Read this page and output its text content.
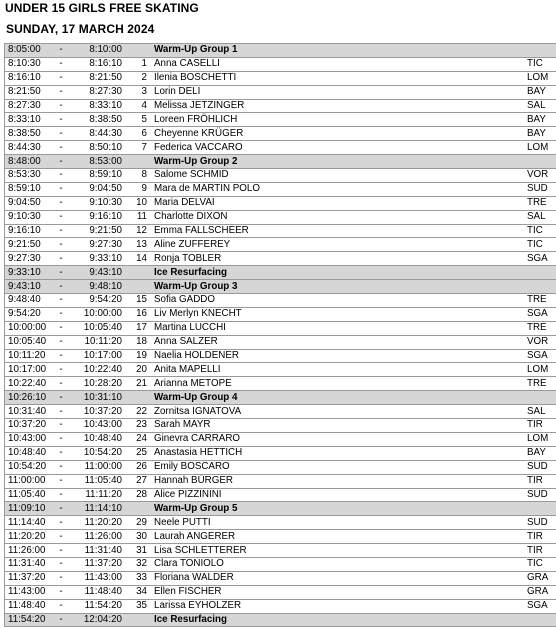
UNDER 15 GIRLS FREE SKATING
SUNDAY, 17 MARCH 2024
8:05:00	-	8:10:00		Warm-Up Group 1	
8:10:30	-	8:16:10	1	Anna CASELLI	TIC
8:16:10	-	8:21:50	2	Ilenia BOSCHETTI	LOM
8:21:50	-	8:27:30	3	Lorin DELI	BAY
8:27:30	-	8:33:10	4	Melissa JETZINGER	SAL
8:33:10	-	8:38:50	5	Loreen FRÖHLICH	BAY
8:38:50	-	8:44:30	6	Cheyenne KRÜGER	BAY
8:44:30	-	8:50:10	7	Federica VACCARO	LOM
8:48:00	-	8:53:00		Warm-Up Group 2	
8:53:30	-	8:59:10	8	Salome SCHMID	VOR
8:59:10	-	9:04:50	9	Mara de MARTIN POLO	SUD
9:04:50	-	9:10:30	10	Maria DELVAI	TRE
9:10:30	-	9:16:10	11	Charlotte DIXON	SAL
9:16:10	-	9:21:50	12	Emma FALLSCHEER	TIC
9:21:50	-	9:27:30	13	Aline ZUFFEREY	TIC
9:27:30	-	9:33:10	14	Ronja TOBLER	SGA
9:33:10	-	9:43:10		Ice Resurfacing	
9:43:10	-	9:48:10		Warm-Up Group 3	
9:48:40	-	9:54:20	15	Sofia GADDO	TRE
9:54:20	-	10:00:00	16	Liv Merlyn KNECHT	SGA
10:00:00	-	10:05:40	17	Martina LUCCHI	TRE
10:05:40	-	10:11:20	18	Anna SALZER	VOR
10:11:20	-	10:17:00	19	Naelia HOLDENER	SGA
10:17:00	-	10:22:40	20	Anita MAPELLI	LOM
10:22:40	-	10:28:20	21	Arianna METOPE	TRE
10:26:10	-	10:31:10		Warm-Up Group 4	
10:31:40	-	10:37:20	22	Zornitsa IGNATOVA	SAL
10:37:20	-	10:43:00	23	Sarah MAYR	TIR
10:43:00	-	10:48:40	24	Ginevra CARRARO	LOM
10:48:40	-	10:54:20	25	Anastasia HETTICH	BAY
10:54:20	-	11:00:00	26	Emily BOSCARO	SUD
11:00:00	-	11:05:40	27	Hannah BÜRGER	TIR
11:05:40	-	11:11:20	28	Alice PIZZININI	SUD
11:09:10	-	11:14:10		Warm-Up Group 5	
11:14:40	-	11:20:20	29	Neele PUTTI	SUD
11:20:20	-	11:26:00	30	Laurah ANGERER	TIR
11:26:00	-	11:31:40	31	Lisa SCHLETTERER	TIR
11:31:40	-	11:37:20	32	Clara TONIOLO	TIC
11:37:20	-	11:43:00	33	Floriana WALDER	GRA
11:43:00	-	11:48:40	34	Ellen FISCHER	GRA
11:48:40	-	11:54:20	35	Larissa EYHOLZER	SGA
11:54:20	-	12:04:20		Ice Resurfacing	
